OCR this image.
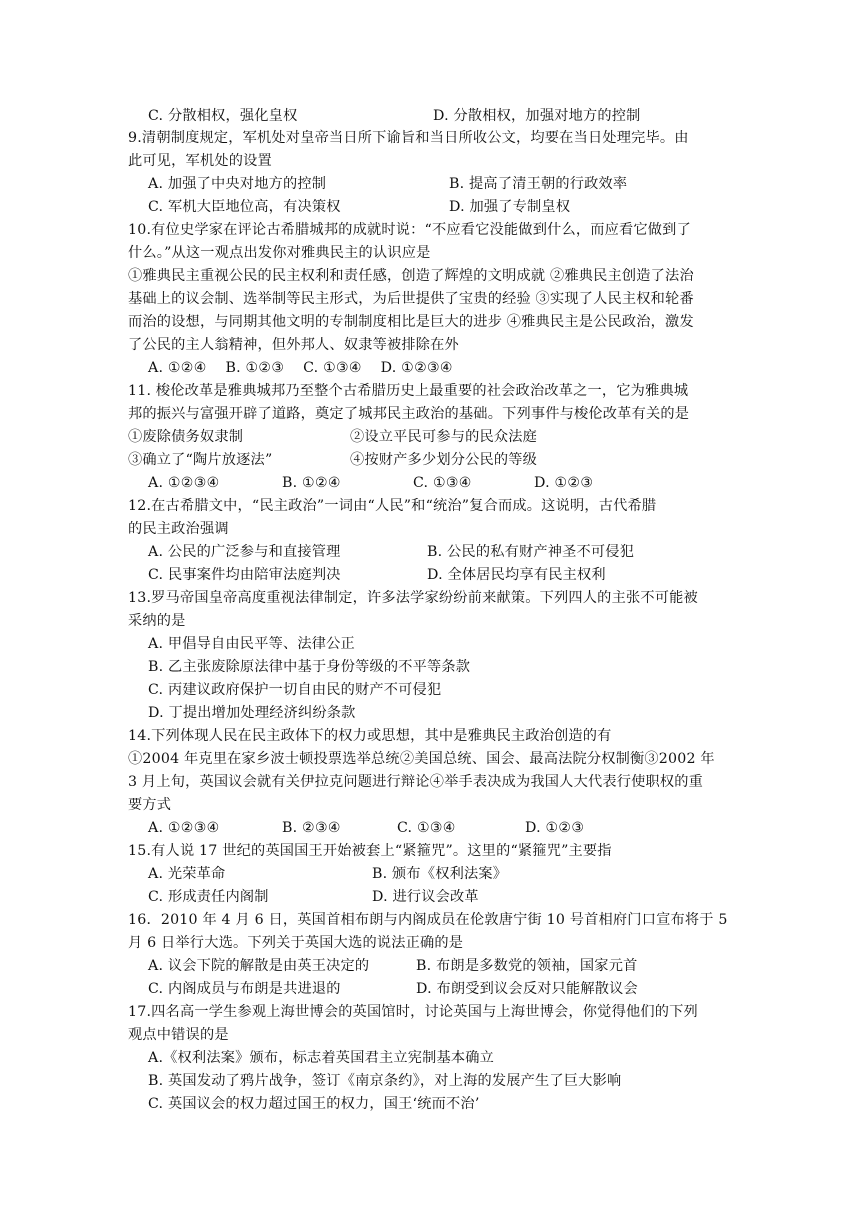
C. 分散相权，强化皇权	D. 分散相权，加强对地方的控制
9.清朝制度规定，军机处对皇帝当日所下谕旨和当日所收公文，均要在当日处理完毕。由
此可见，军机处的设置
A. 加强了中央对地方的控制	B. 提高了清王朝的行政效率
C. 军机大臣地位高，有决策权	D. 加强了专制皇权
10.有位史学家在评论古希腊城邦的成就时说：“不应看它没能做到什么，而应看它做到了
什么。”从这一观点出发你对雅典民主的认识应是
①雅典民主重视公民的民主权利和责任感，创造了辉煌的文明成就 ②雅典民主创造了法治
基础上的议会制、选举制等民主形式，为后世提供了宝贵的经验 ③实现了人民主权和轮番
而治的设想，与同期其他文明的专制制度相比是巨大的进步 ④雅典民主是公民政治，激发
了公民的主人翁精神，但外邦人、奴隶等被排除在外
A. ①②④    B. ①②③    C. ①③④    D. ①②③④
11. 梭伦改革是雅典城邦乃至整个古希腊历史上最重要的社会政治改革之一，它为雅典城
邦的振兴与富强开辟了道路，奠定了城邦民主政治的基础。下列事件与梭伦改革有关的是
①废除债务奴隶制	②设立平民可参与的民众法庭
③确立了“陶片放逐法”	④按财产多少划分公民的等级
A. ①②③④	B. ①②④	C. ①③④	D. ①②③
12.在古希腊文中，“民主政治”一词由“人民”和“统治”复合而成。这说明，古代希腊
的民主政治强调
A. 公民的广泛参与和直接管理	B. 公民的私有财产神圣不可侵犯
C. 民事案件均由陪审法庭判决	D. 全体居民均享有民主权利
13.罗马帝国皇帝高度重视法律制定，许多法学家纷纷前来献策。下列四人的主张不可能被
采纳的是
A. 甲倡导自由民平等、法律公正
B. 乙主张废除原法律中基于身份等级的不平等条款
C. 丙建议政府保护一切自由民的财产不可侵犯
D. 丁提出增加处理经济纠纷条款
14.下列体现人民在民主政体下的权力或思想，其中是雅典民主政治创造的有
①2004 年克里在家乡波士顿投票选举总统②美国总统、国会、最高法院分权制衡③2002 年
3 月上旬，英国议会就有关伊拉克问题进行辩论④举手表决成为我国人大代表行使职权的重
要方式
A. ①②③④	B. ②③④	C. ①③④	D. ①②③
15.有人说 17 世纪的英国国王开始被套上“紧箍咒”。这里的“紧箍咒”主要指
A. 光荣革命	B. 颁布《权利法案》
C. 形成责任内阁制	D. 进行议会改革
16．2010 年 4 月 6 日，英国首相布朗与内阁成员在伦敦唐宁街 10 号首相府门口宣布将于 5
月 6 日举行大选。下列关于英国大选的说法正确的是
A. 议会下院的解散是由英王决定的	B. 布朗是多数党的领袖，国家元首
C. 内阁成员与布朗是共进退的	D. 布朗受到议会反对只能解散议会
17.四名高一学生参观上海世博会的英国馆时，讨论英国与上海世博会，你觉得他们的下列
观点中错误的是
A.《权利法案》颁布，标志着英国君主立宪制基本确立
B. 英国发动了鸦片战争，签订《南京条约》，对上海的发展产生了巨大影响
C. 英国议会的权力超过国王的权力，国王‘统而不治’
